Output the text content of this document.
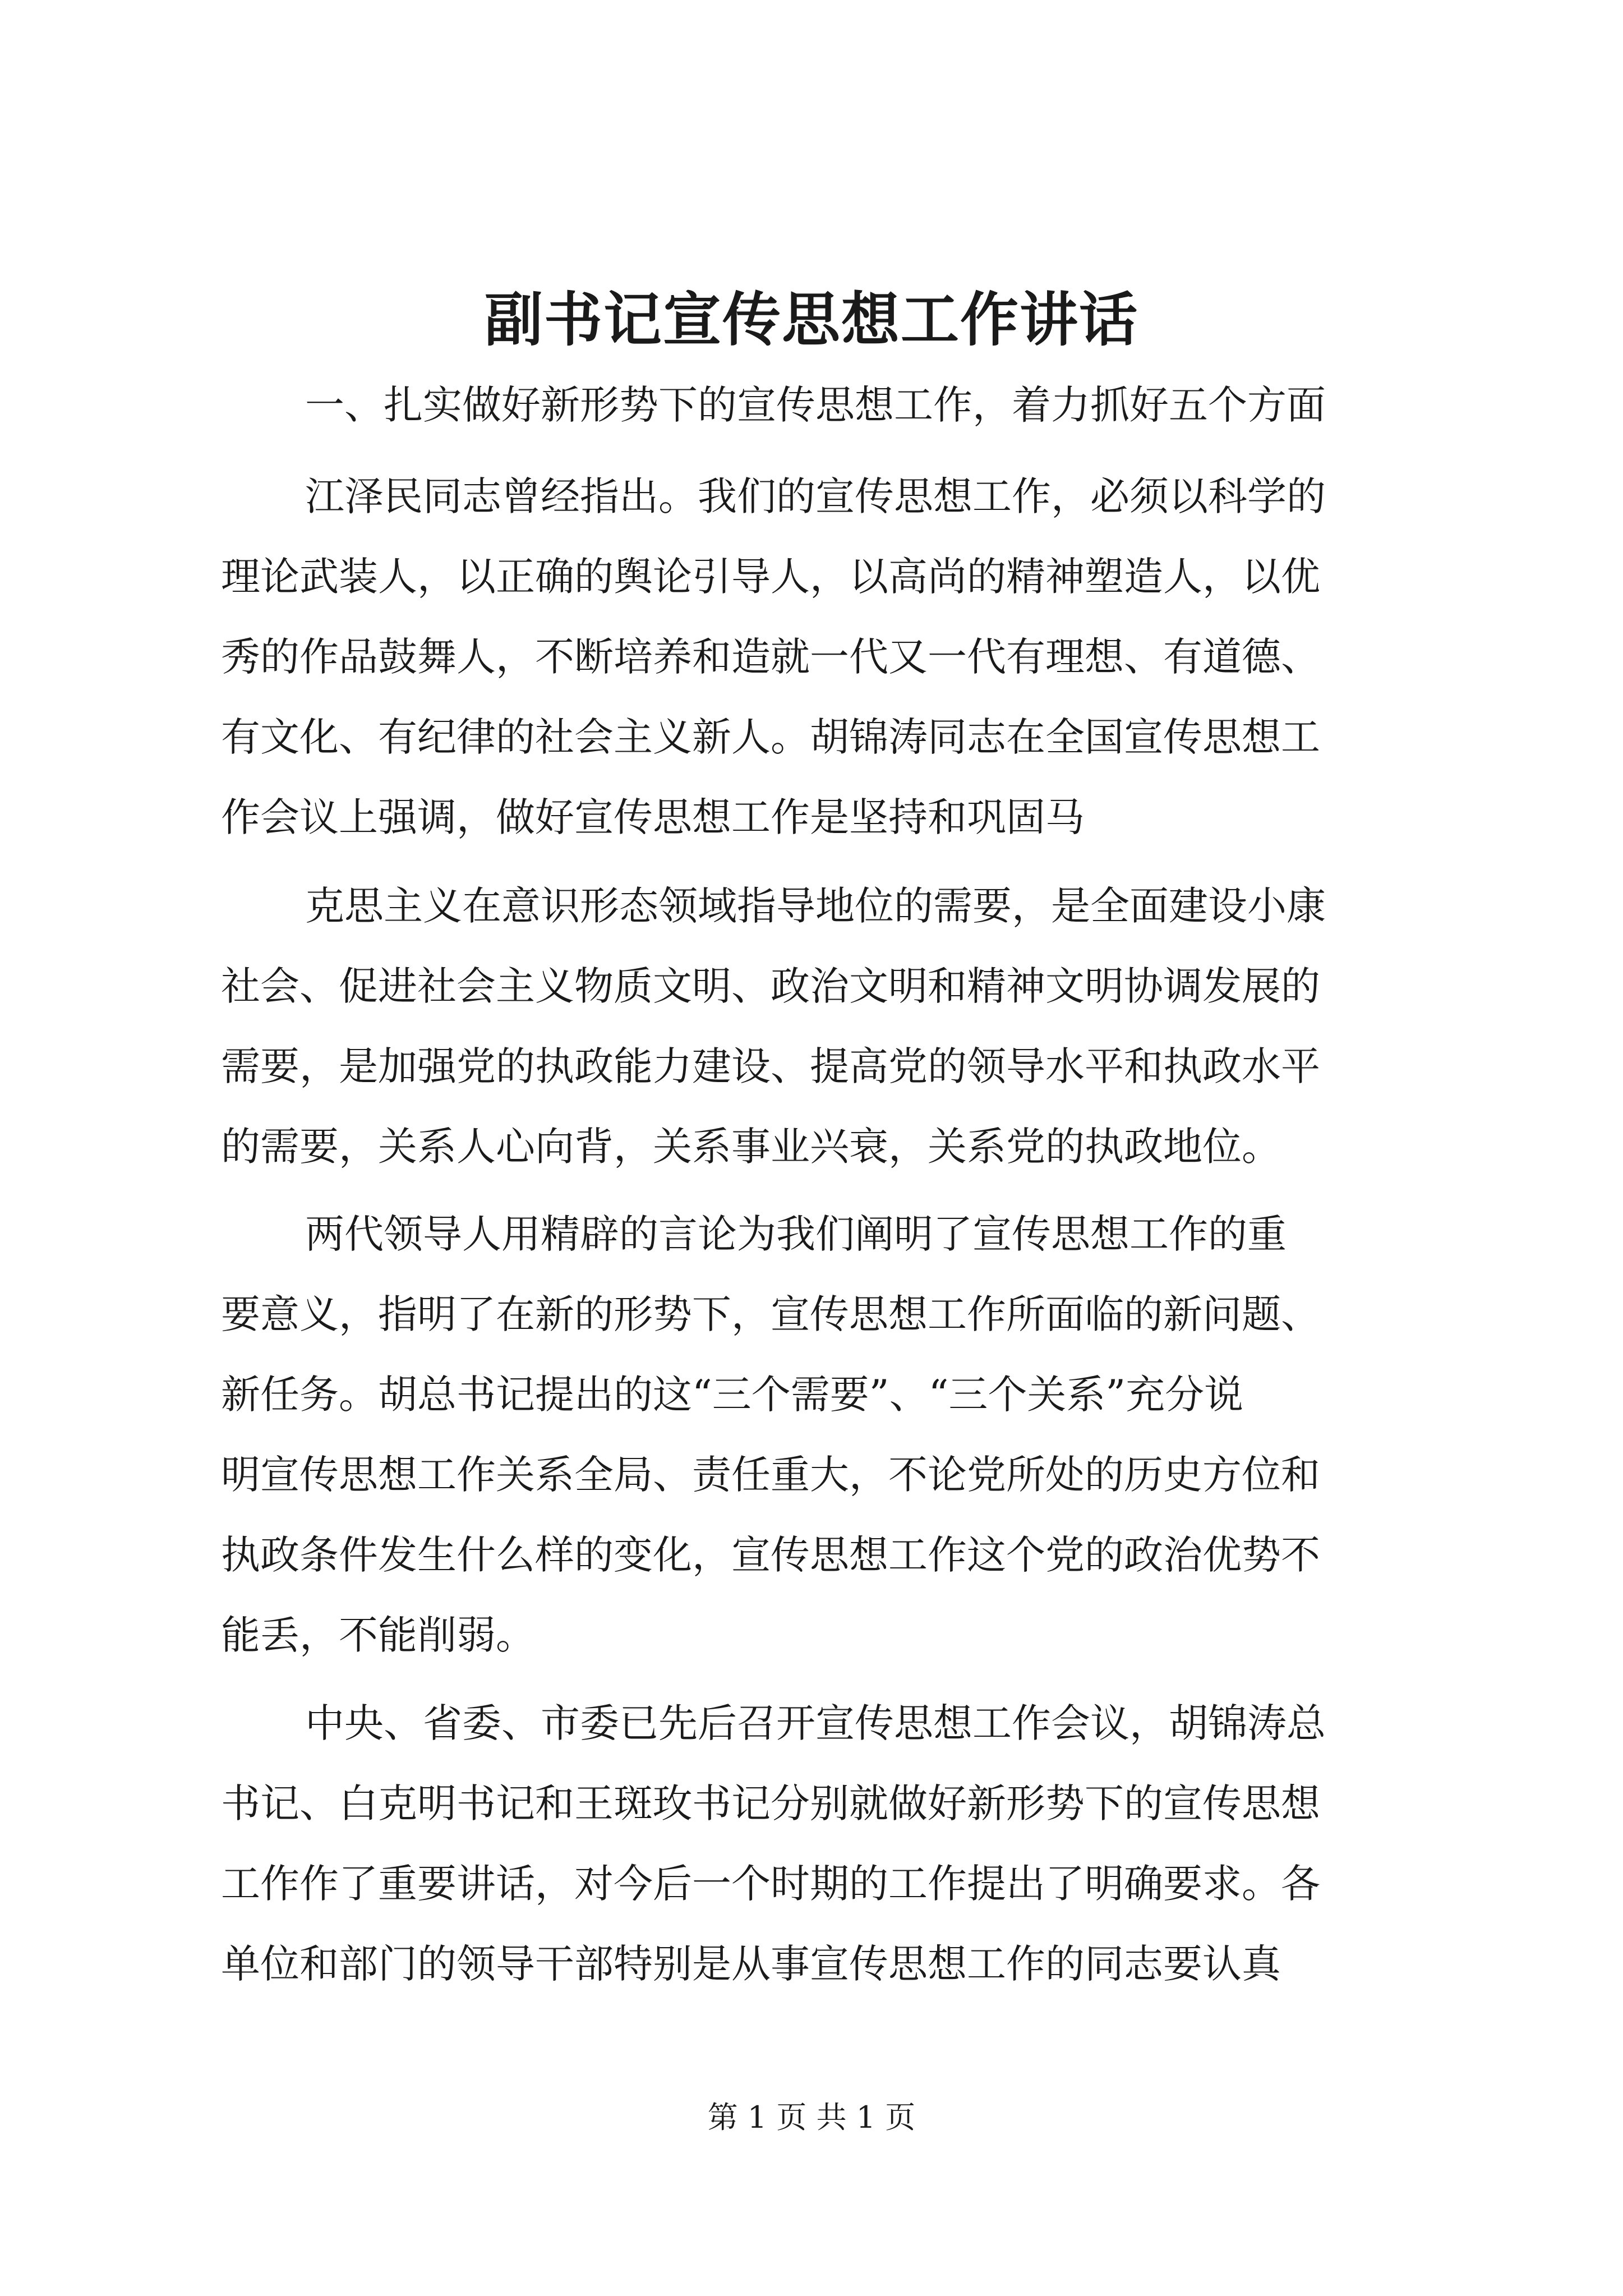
副书记宣传思想工作讲话
一、扎实做好新形势下的宣传思想工作，着力抓好五个方面
江泽民同志曾经指出。我们的宣传思想工作，必须以科学的
理论武装人，以正确的舆论引导人，以高尚的精神塑造人，以优
秀的作品鼓舞人，不断培养和造就一代又一代有理想、有道德、
有文化、有纪律的社会主义新人。胡锦涛同志在全国宣传思想工
作会议上强调，做好宣传思想工作是坚持和巩固马
克思主义在意识形态领域指导地位的需要，是全面建设小康
社会、促进社会主义物质文明、政治文明和精神文明协调发展的
需要，是加强党的执政能力建设、提高党的领导水平和执政水平
的需要，关系人心向背，关系事业兴衰，关系党的执政地位。
两代领导人用精辟的言论为我们阐明了宣传思想工作的重
要意义，指明了在新的形势下，宣传思想工作所面临的新问题、
新任务。胡总书记提出的这“三个需要”、“三个关系”充分说
明宣传思想工作关系全局、责任重大，不论党所处的历史方位和
执政条件发生什么样的变化，宣传思想工作这个党的政治优势不
能丢，不能削弱。
中央、省委、市委已先后召开宣传思想工作会议，胡锦涛总
书记、白克明书记和王斑玫书记分别就做好新形势下的宣传思想
工作作了重要讲话，对今后一个时期的工作提出了明确要求。各
单位和部门的领导干部特别是从事宣传思想工作的同志要认真
第 1 页 共 1 页
